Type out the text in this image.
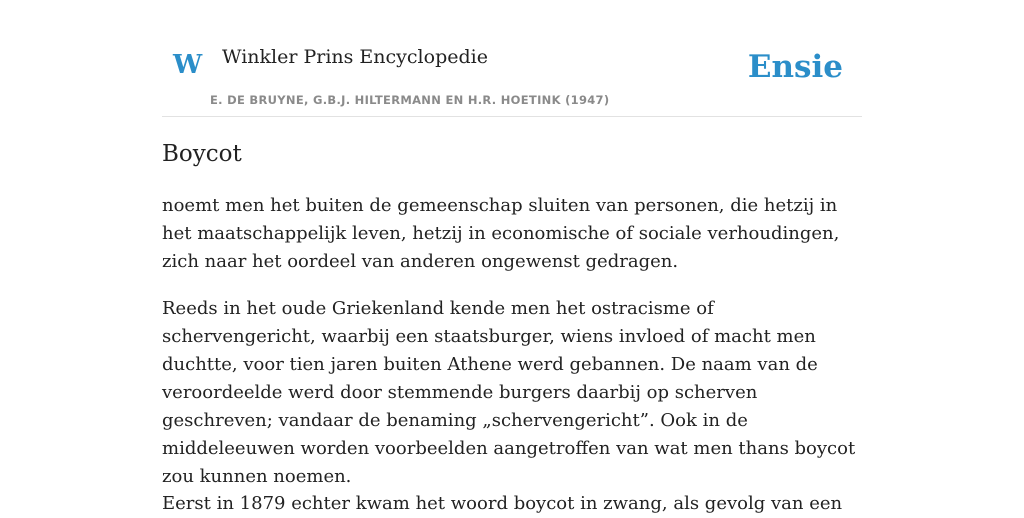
W Winkler Prins Encyclopedie
E. DE BRUYNE, G.B.J. HILTERMANN EN H.R. HOETINK (1947)
Ensie
Boycot

noemt men het buiten de gemeenschap sluiten van personen, die hetzij in het maatschappelijk leven, hetzij in economische of sociale verhoudingen, zich naar het oordeel van anderen ongewenst gedragen.

Reeds in het oude Griekenland kende men het ostracisme of schervengericht, waarbij een staatsburger, wiens invloed of macht men duchtte, voor tien jaren buiten Athene werd gebannen. De naam van de veroordeelde werd door stemmende burgers daarbij op scherven geschreven; vandaar de benaming „schervengericht”. Ook in de middeleeuwen worden voorbeelden aangetroffen van wat men thans boycot zou kunnen noemen.

Eerst in 1879 echter kwam het woord boycot in zwang, als gevolg van een
